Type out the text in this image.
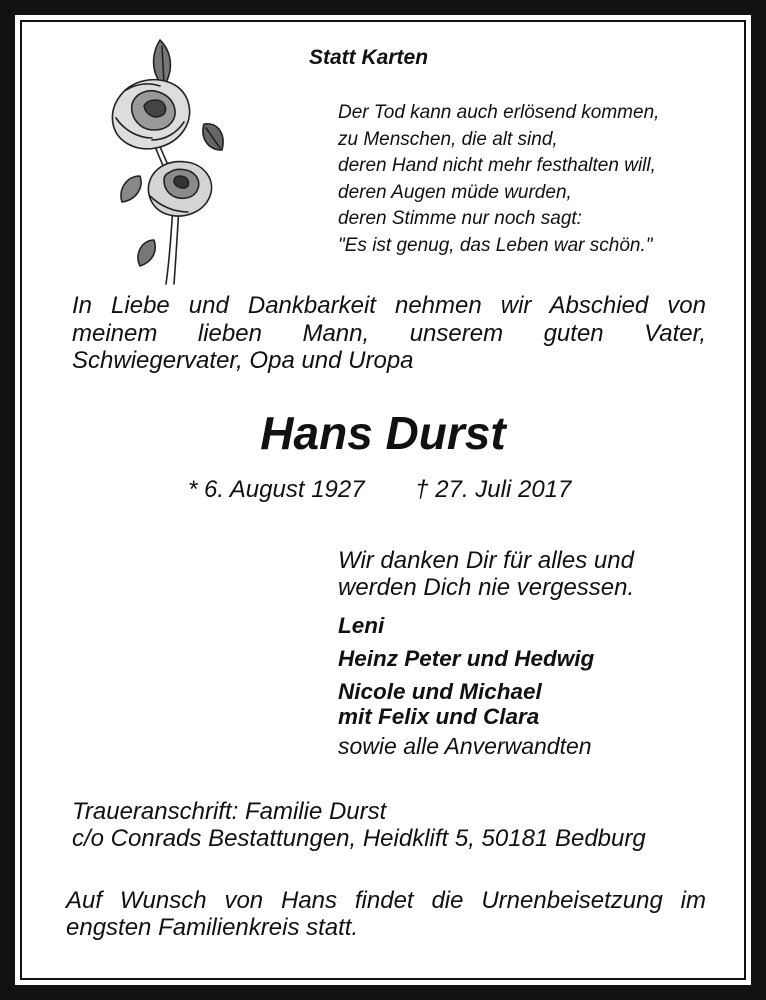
Statt Karten

Der Tod kann auch erlösend kommen,
zu Menschen, die alt sind,
deren Hand nicht mehr festhalten will,
deren Augen müde wurden,
deren Stimme nur noch sagt:
"Es ist genug, das Leben war schön."
In Liebe und Dankbarkeit nehmen wir Abschied von
meinem lieben Mann, unserem guten Vater,
Schwiegervater, Opa und Uropa
Hans Durst
* 6. August 1927 † 27. Juli 2017
Wir danken Dir für alles und
werden Dich nie vergessen.
Leni
Heinz Peter und Hedwig
Nicole und Michael
mit Felix und Clara
sowie alle Anverwandten
Traueranschrift: Familie Durst
c/o Conrads Bestattungen, Heidklift 5, 50181 Bedburg
Auf Wunsch von Hans findet die Urnenbeisetzung im
engsten Familienkreis statt.
